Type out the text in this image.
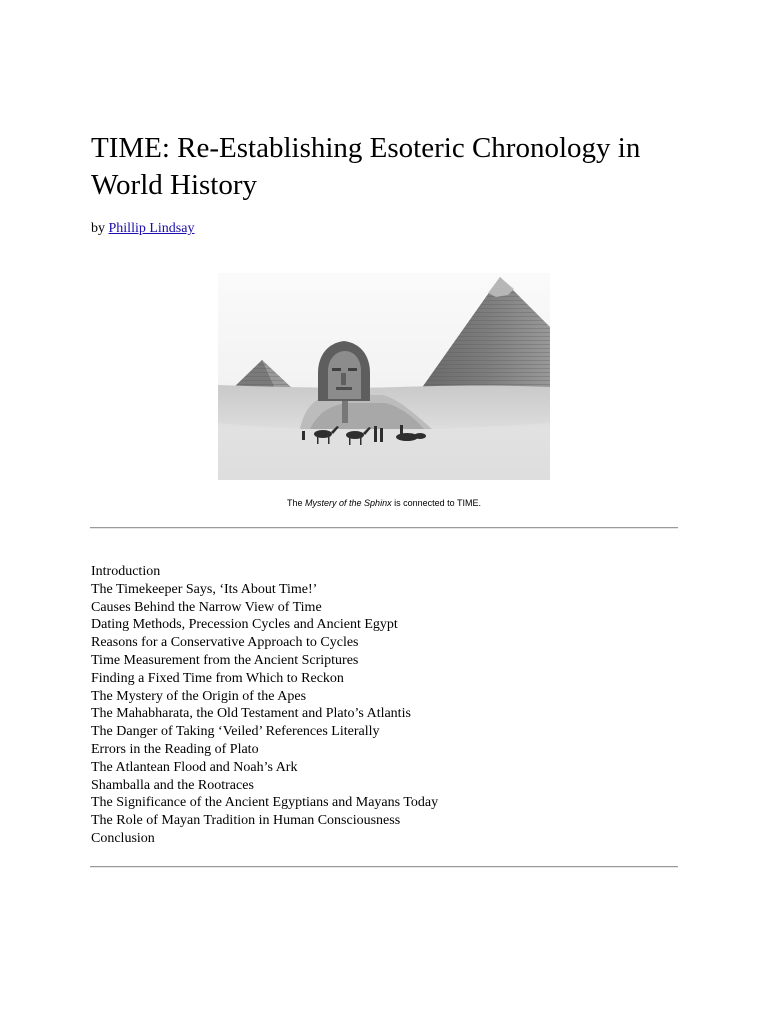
TIME: Re-Establishing Esoteric Chronology in World History
by Phillip Lindsay
The Mystery of the Sphinx is connected to TIME.
Introduction
The Timekeeper Says, ‘Its About Time!’
Causes Behind the Narrow View of Time
Dating Methods, Precession Cycles and Ancient Egypt
Reasons for a Conservative Approach to Cycles
Time Measurement from the Ancient Scriptures
Finding a Fixed Time from Which to Reckon
The Mystery of the Origin of the Apes
The Mahabharata, the Old Testament and Plato’s Atlantis
The Danger of Taking ‘Veiled’ References Literally
Errors in the Reading of Plato
The Atlantean Flood and Noah’s Ark
Shamballa and the Rootraces
The Significance of the Ancient Egyptians and Mayans Today
The Role of Mayan Tradition in Human Consciousness
Conclusion
